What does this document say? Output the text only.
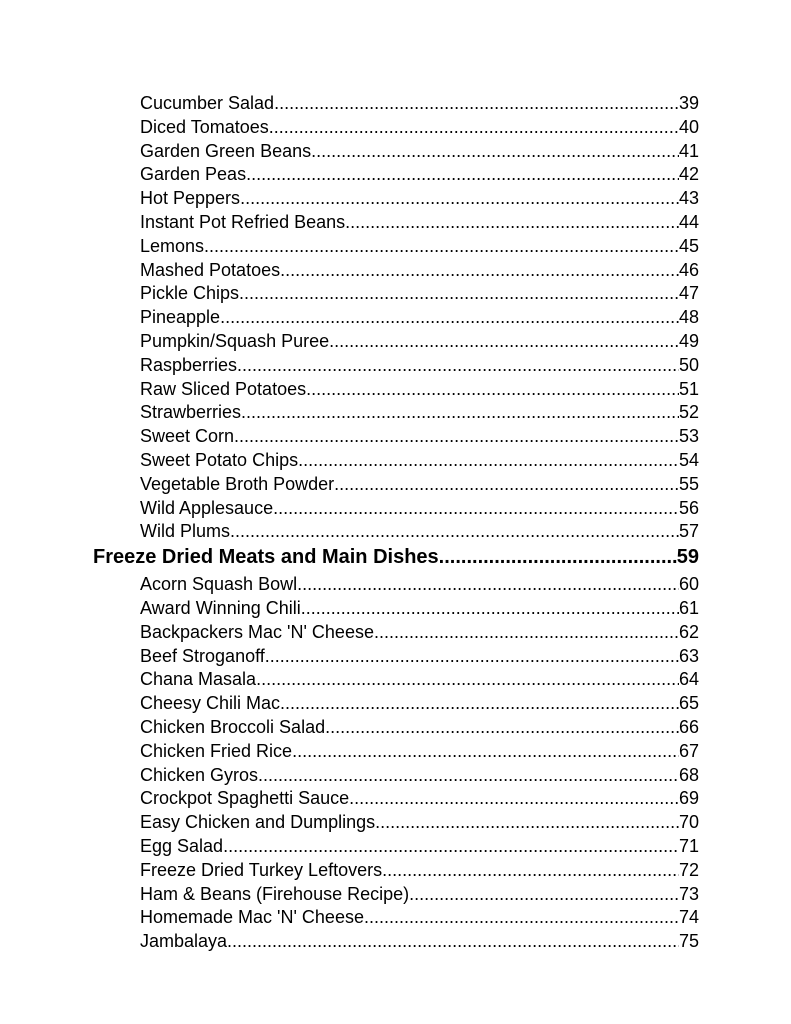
Cucumber Salad .....	39
Diced Tomatoes .....	40
Garden Green Beans .....	41
Garden Peas .....	42
Hot Peppers .....	43
Instant Pot Refried Beans .....	44
Lemons .....	45
Mashed Potatoes .....	46
Pickle Chips .....	47
Pineapple .....	48
Pumpkin/Squash Puree .....	49
Raspberries .....	50
Raw Sliced Potatoes .....	51
Strawberries .....	52
Sweet Corn .....	53
Sweet Potato Chips .....	54
Vegetable Broth Powder .....	55
Wild Applesauce .....	56
Wild Plums .....	57
Freeze Dried Meats and Main Dishes .....	59
Acorn Squash Bowl .....	60
Award Winning Chili .....	61
Backpackers Mac 'N' Cheese .....	62
Beef Stroganoff .....	63
Chana Masala .....	64
Cheesy Chili Mac .....	65
Chicken Broccoli Salad .....	66
Chicken Fried Rice .....	67
Chicken Gyros .....	68
Crockpot Spaghetti Sauce .....	69
Easy Chicken and Dumplings .....	70
Egg Salad .....	71
Freeze Dried Turkey Leftovers .....	72
Ham & Beans (Firehouse Recipe) .....	73
Homemade Mac 'N' Cheese .....	74
Jambalaya .....	75
